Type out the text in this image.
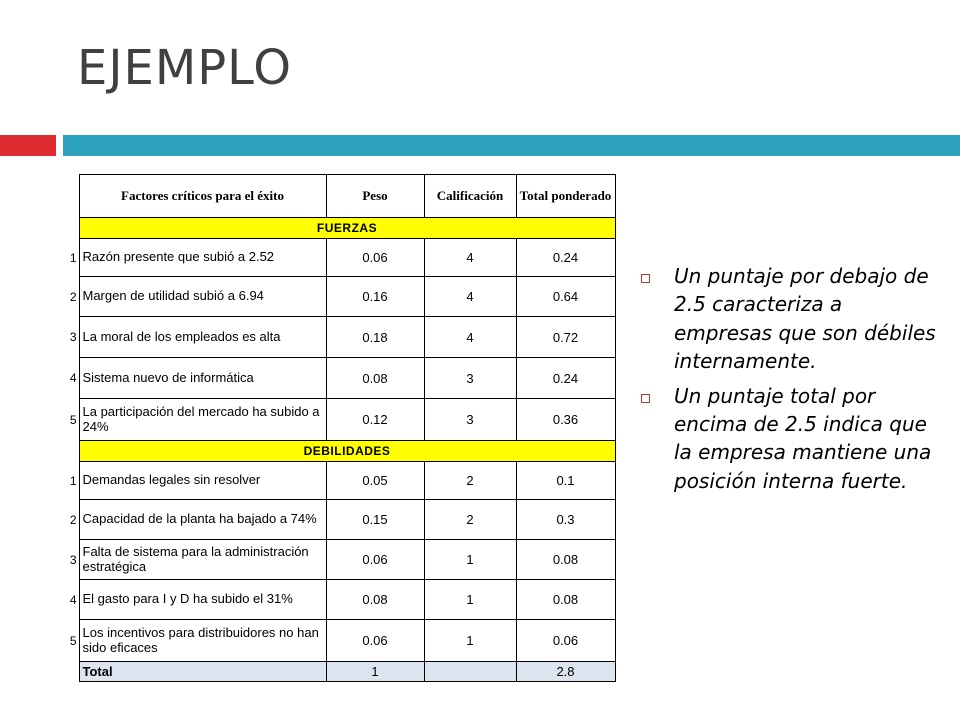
EJEMPLO
	Factores críticos para el éxito	Peso	Calificación	Total ponderado
	FUERZAS			
1	Razón presente que subió a 2.52	0.06	4	0.24
2	Margen de utilidad subió a 6.94	0.16	4	0.64
3	La moral de los empleados es alta	0.18	4	0.72
4	Sistema nuevo de informática	0.08	3	0.24
5	La participación del mercado ha subido a 24%	0.12	3	0.36
	DEBILIDADES			
1	Demandas legales sin resolver	0.05	2	0.1
2	Capacidad de la planta ha bajado a 74%	0.15	2	0.3
3	Falta de sistema para la administración estratégica	0.06	1	0.08
4	El gasto para I y D ha subido el 31%	0.08	1	0.08
5	Los incentivos para distribuidores no han sido eficaces	0.06	1	0.06
	Total	1		2.8
Un puntaje por debajo de 2.5 caracteriza a empresas que son débiles internamente.
Un puntaje total por encima de 2.5 indica que la empresa mantiene una posición interna fuerte.
